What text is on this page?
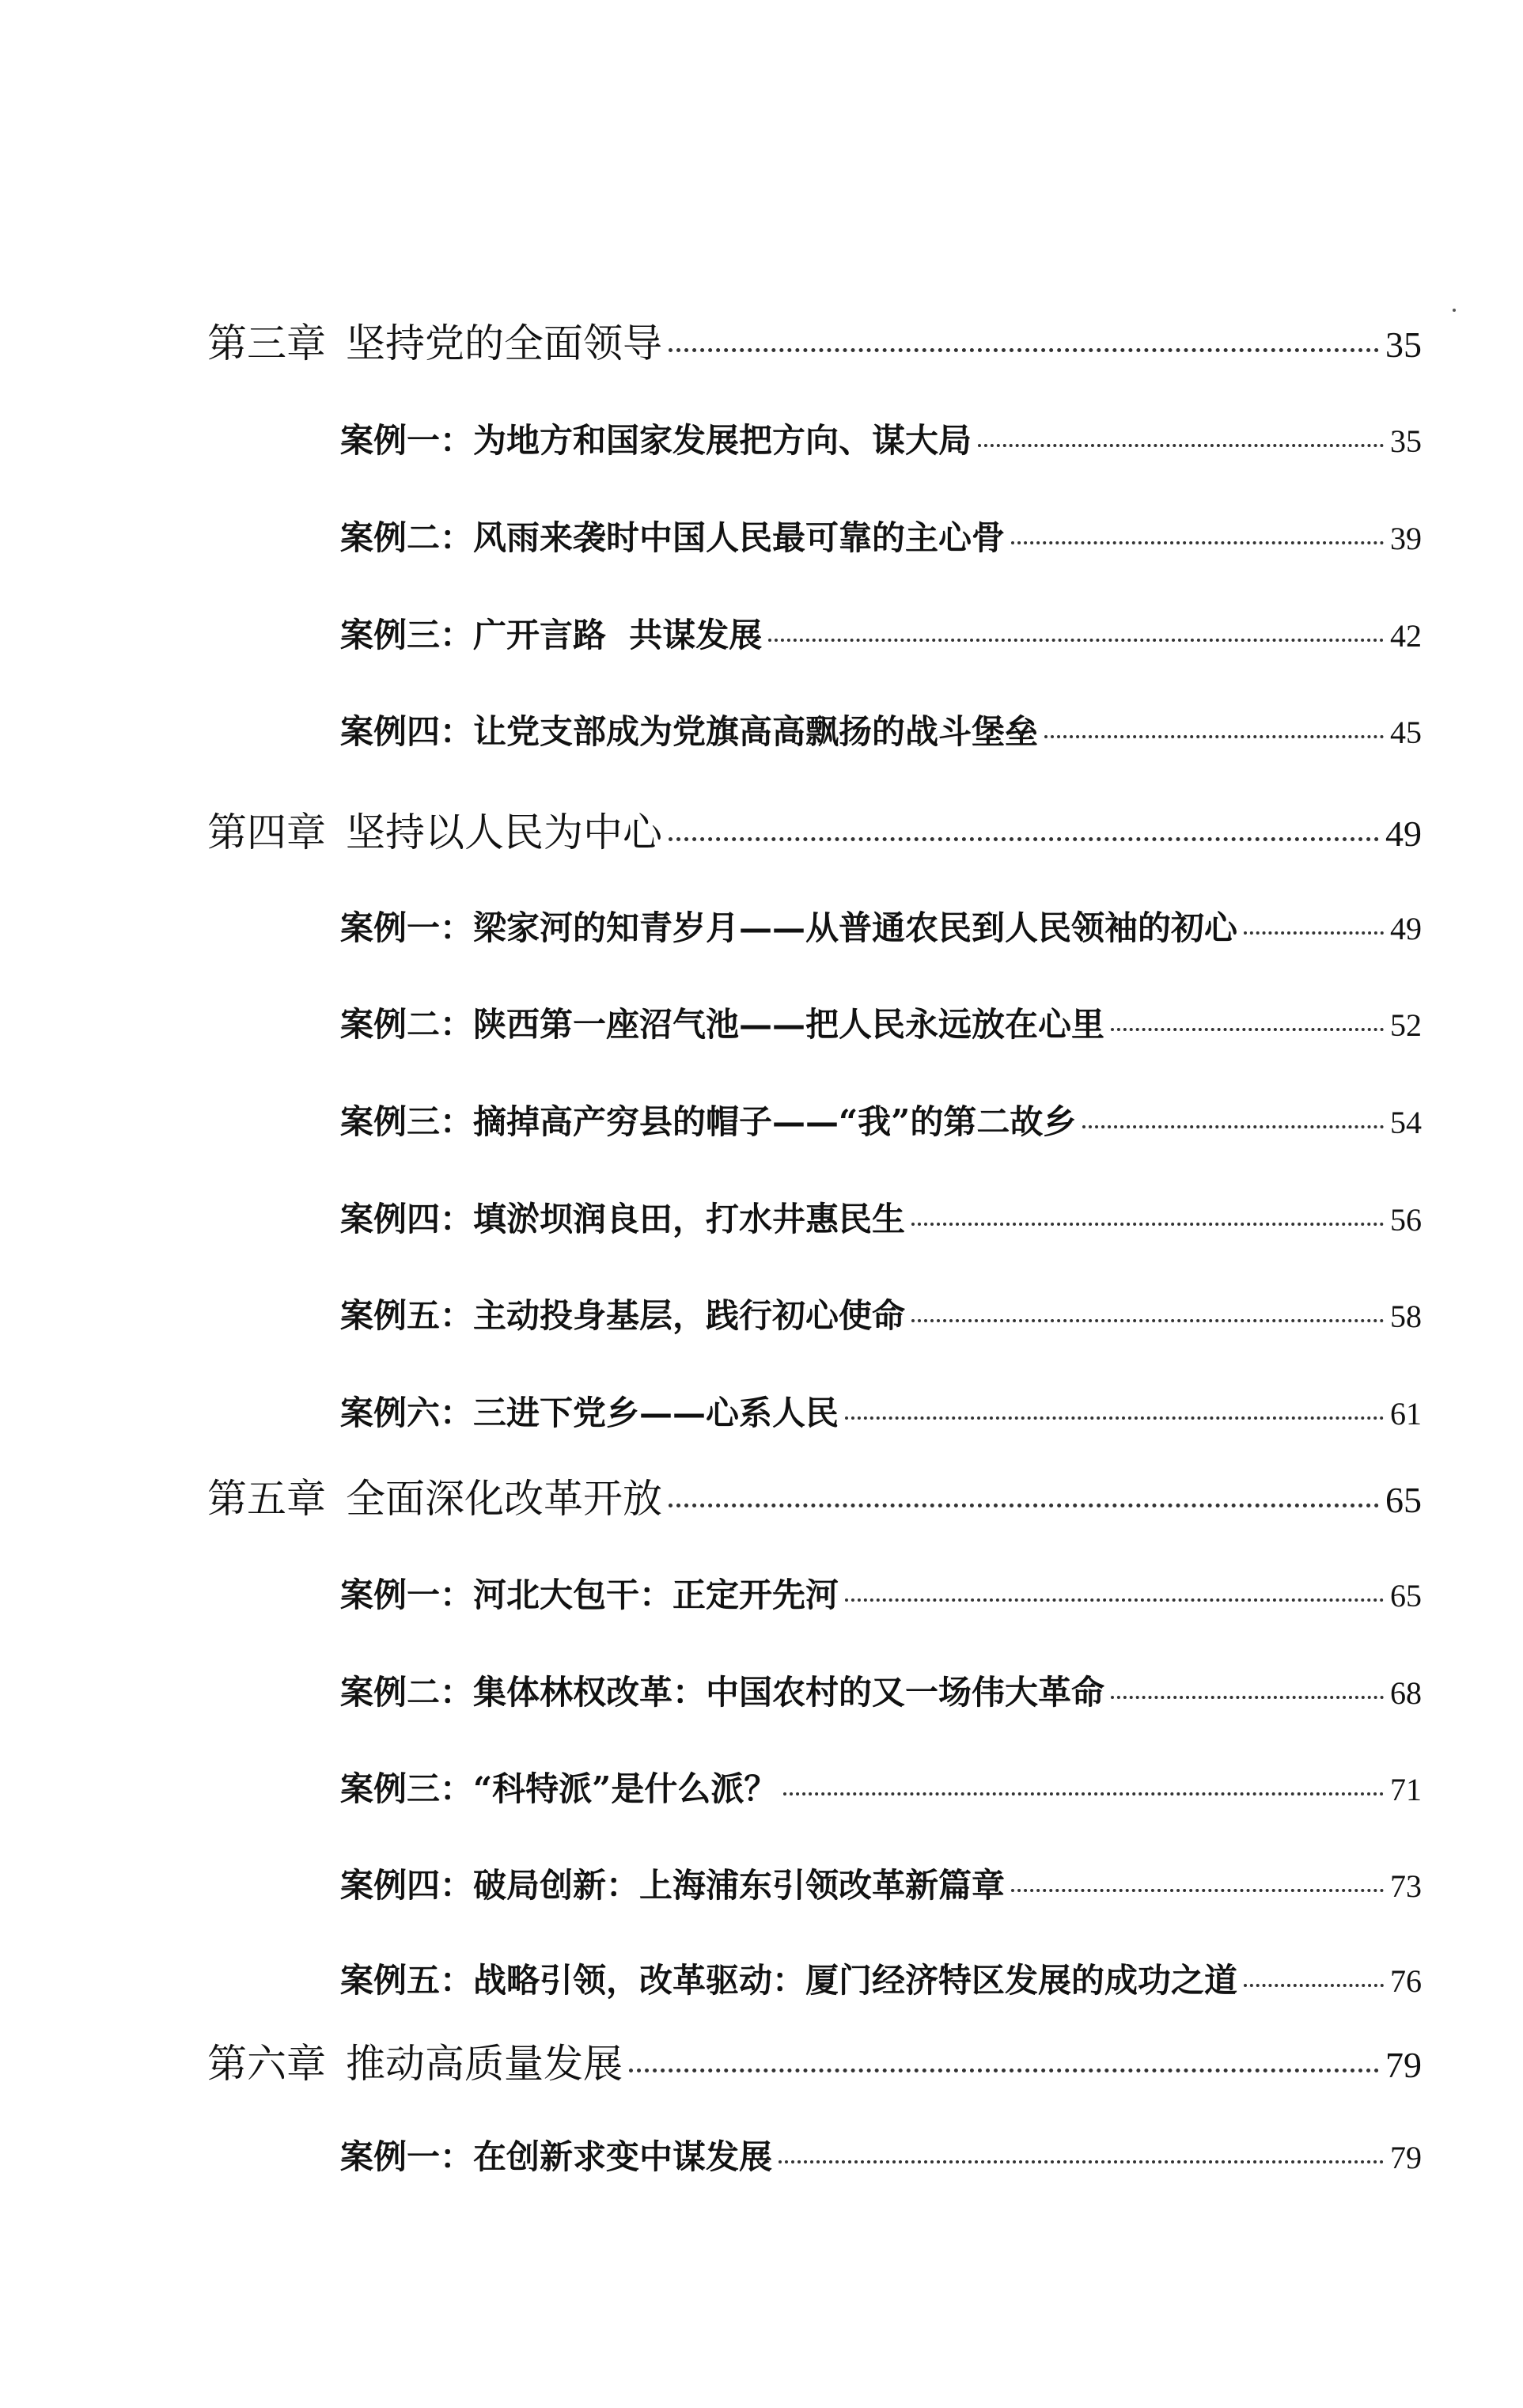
第三章 坚持党的全面领导	35
案例一：为地方和国家发展把方向、谋大局	35
案例二：风雨来袭时中国人民最可靠的主心骨	39
案例三：广开言路  共谋发展	42
案例四：让党支部成为党旗高高飘扬的战斗堡垒	45
第四章 坚持以人民为中心	49
案例一：梁家河的知青岁月——从普通农民到人民领袖的初心	49
案例二：陕西第一座沼气池——把人民永远放在心里	52
案例三：摘掉高产穷县的帽子——“我”的第二故乡	54
案例四：填淤坝润良田，打水井惠民生	56
案例五：主动投身基层，践行初心使命	58
案例六：三进下党乡——心系人民	61
第五章 全面深化改革开放	65
案例一：河北大包干：正定开先河	65
案例二：集体林权改革：中国农村的又一场伟大革命	68
案例三：“科特派”是什么派？	71
案例四：破局创新：上海浦东引领改革新篇章	73
案例五：战略引领，改革驱动：厦门经济特区发展的成功之道	76
第六章 推动高质量发展	79
案例一：在创新求变中谋发展	79
